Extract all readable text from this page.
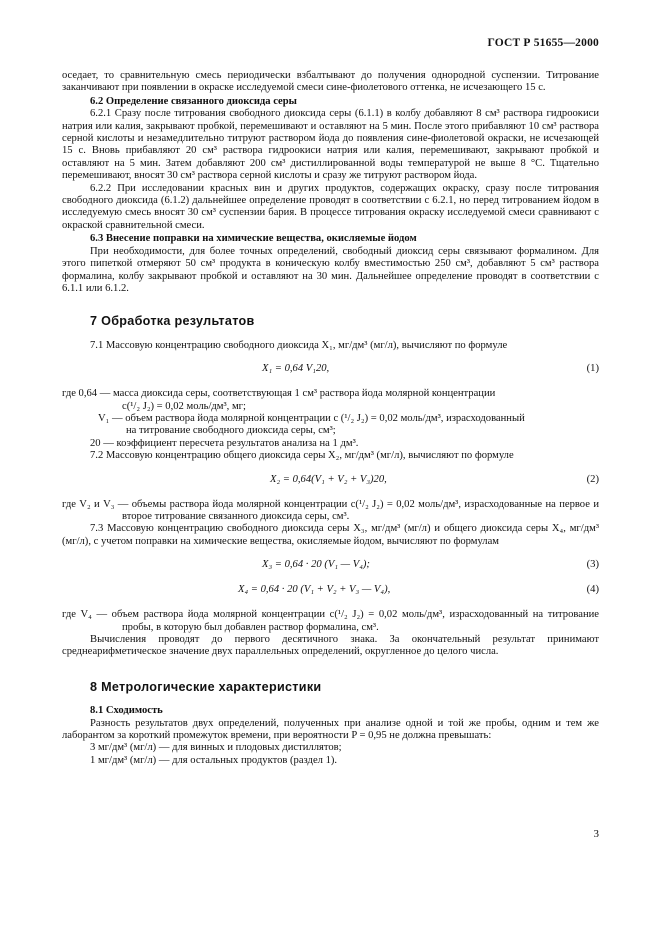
ГОСТ Р 51655—2000

оседает, то сравнительную смесь периодически взбалтывают до получения однородной суспензии. Титрование заканчивают при появлении в окраске исследуемой смеси сине-фиолетового оттенка, не исчезающего 15 с.

6.2 Определение связанного диоксида серы

6.2.1 Сразу после титрования свободного диоксида серы (6.1.1) в колбу добавляют 8 см³ раствора гидроокиси натрия или калия, закрывают пробкой, перемешивают и оставляют на 5 мин. После этого прибавляют 10 см³ раствора серной кислоты и незамедлительно титруют раствором йода до появления сине-фиолетовой окраски, не исчезающей 15 с. Вновь прибавляют 20 см³ раствора гидроокиси натрия или калия, перемешивают, закрывают пробкой и оставляют на 5 мин. Затем добавляют 200 см³ дистиллированной воды температурой не выше 8 °С. Тщательно перемешивают, вносят 30 см³ раствора серной кислоты и сразу же титруют раствором йода.

6.2.2 При исследовании красных вин и других продуктов, содержащих окраску, сразу после титрования свободного диоксида (6.1.2) дальнейшее определение проводят в соответствии с 6.2.1, но перед титрованием йодом в исследуемую смесь вносят 30 см³ суспензии бария. В процессе титрования окраску исследуемой смеси сравнивают с окраской сравнительной смеси.

6.3 Внесение поправки на химические вещества, окисляемые йодом

При необходимости, для более точных определений, свободный диоксид серы связывают формалином. Для этого пипеткой отмеряют 50 см³ продукта в коническую колбу вместимостью 250 см³, добавляют 5 см³ раствора формалина, колбу закрывают пробкой и оставляют на 30 мин. Дальнейшее определение проводят в соответствии с 6.1.1 или 6.1.2.

7 Обработка результатов

7.1 Массовую концентрацию свободного диоксида X₁, мг/дм³ (мг/л), вычисляют по формуле

X₁ = 0,64 V₁20,	(1)

где 0,64 — масса диоксида серы, соответствующая 1 см³ раствора йода молярной концентрации

c(¹/₂ J₂) = 0,02 моль/дм³, мг;

V₁ — объем раствора йода молярной концентрации c (¹/₂ J₂) = 0,02 моль/дм³, израсходованный

на титрование свободного диоксида серы, см³;

20 — коэффициент пересчета результатов анализа на 1 дм³.

7.2 Массовую концентрацию общего диоксида серы X₂, мг/дм³ (мг/л), вычисляют по формуле

X₂ = 0,64(V₁ + V₂ + V₃)20,	(2)

где V₂ и V₃ — объемы раствора йода молярной концентрации c(¹/₂ J₂) = 0,02 моль/дм³, израсходованные на первое и второе титрование связанного диоксида серы, см³.

7.3 Массовую концентрацию свободного диоксида серы X₃, мг/дм³ (мг/л) и общего диоксида серы X₄, мг/дм³ (мг/л), с учетом поправки на химические вещества, окисляемые йодом, вычисляют по формулам

X₃ = 0,64 · 20 (V₁ — V₄);	(3)
X₄ = 0,64 · 20 (V₁ + V₂ + V₃ — V₄),	(4)

где V₄ — объем раствора йода молярной концентрации c(¹/₂ J₂) = 0,02 моль/дм³, израсходованный на титрование пробы, в которую был добавлен раствор формалина, см³.

Вычисления проводят до первого десятичного знака. За окончательный результат принимают среднеарифметическое значение двух параллельных определений, округленное до целого числа.

8 Метрологические характеристики

8.1 Сходимость

Разность результатов двух определений, полученных при анализе одной и той же пробы, одним и тем же лаборантом за короткий промежуток времени, при вероятности P = 0,95 не должна превышать:

3 мг/дм³ (мг/л) — для винных и плодовых дистиллятов;

1 мг/дм³ (мг/л) — для остальных продуктов (раздел 1).

3
